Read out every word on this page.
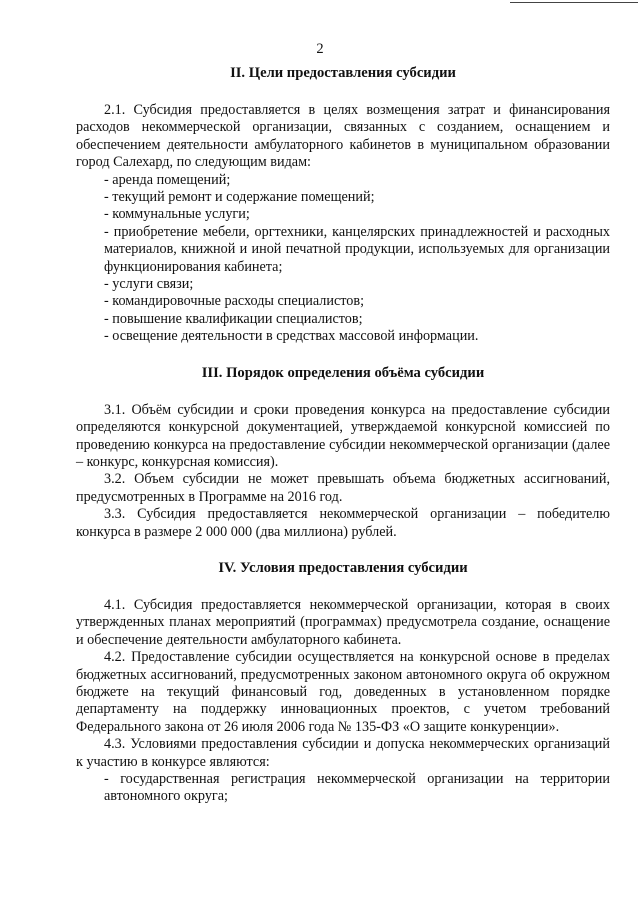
2
II. Цели предоставления субсидии

2.1. Субсидия предоставляется в целях возмещения затрат и финансирования расходов некоммерческой организации, связанных с созданием, оснащением и обеспечением деятельности амбулаторного кабинетов в муниципальном образовании город Салехард, по следующим видам:

- аренда помещений;
- текущий ремонт и содержание помещений;
- коммунальные услуги;
- приобретение мебели, оргтехники, канцелярских принадлежностей и расходных материалов, книжной и иной печатной продукции, используемых для организации функционирования кабинета;
- услуги связи;
- командировочные расходы специалистов;
- повышение квалификации специалистов;
- освещение деятельности в средствах массовой информации.
III. Порядок определения объёма субсидии

3.1. Объём субсидии и сроки проведения конкурса на предоставление субсидии определяются конкурсной документацией, утверждаемой конкурсной комиссией по проведению конкурса на предоставление субсидии некоммерческой организации (далее – конкурс, конкурсная комиссия).

3.2. Объем субсидии не может превышать объема бюджетных ассигнований, предусмотренных в Программе на 2016 год.

3.3. Субсидия предоставляется некоммерческой организации – победителю конкурса в размере 2 000 000 (два миллиона) рублей.

IV. Условия предоставления субсидии

4.1. Субсидия предоставляется некоммерческой организации, которая в своих утвержденных планах мероприятий (программах) предусмотрела создание, оснащение и обеспечение деятельности амбулаторного кабинета.

4.2. Предоставление субсидии осуществляется на конкурсной основе в пределах бюджетных ассигнований, предусмотренных законом автономного округа об окружном бюджете на текущий финансовый год, доведенных в установленном порядке департаменту на поддержку инновационных проектов, с учетом требований Федерального закона от 26 июля 2006 года № 135-ФЗ «О защите конкуренции».

4.3. Условиями предоставления субсидии и допуска некоммерческих организаций к участию в конкурсе являются:

- государственная регистрация некоммерческой организации на территории автономного округа;
